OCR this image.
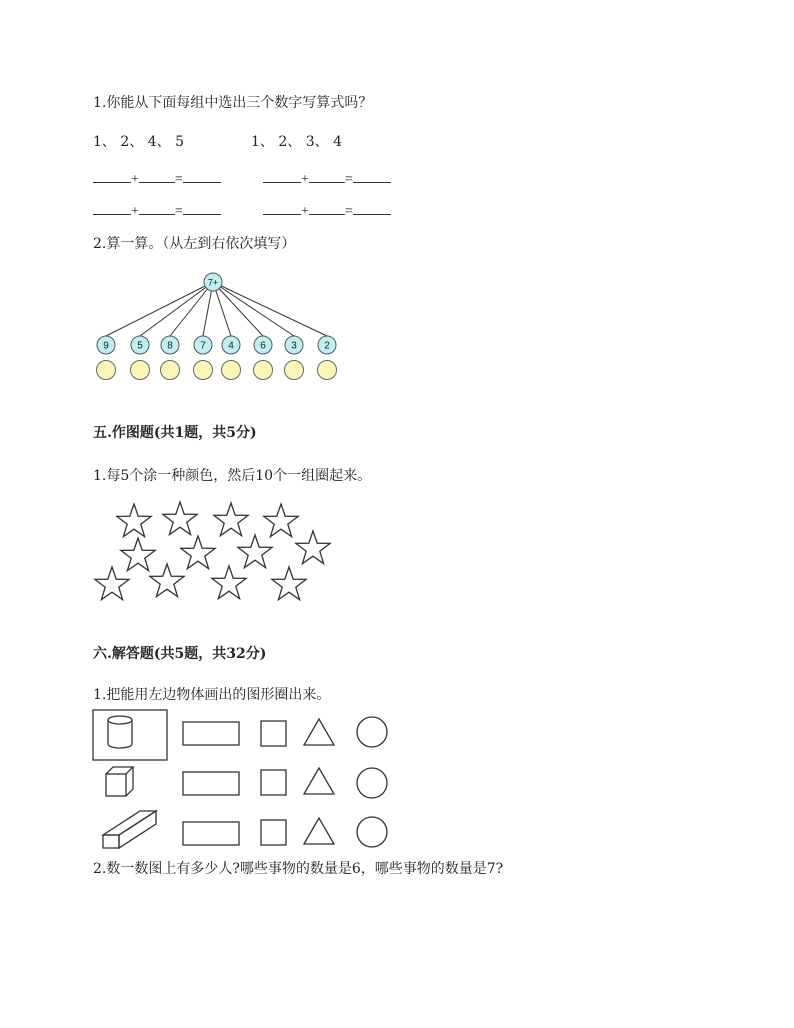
1.你能从下面每组中选出三个数字写算式吗？
1、 2、 4、 5	1、 2、 3、 4
+	=	+	=
+	=	+	=
2.算一算。（从左到右依次填写）
7+
9	5 8	7 4	6	3	2
五.作图题(共1题，共5分)
1.每5个涂一种颜色，然后10个一组圈起来。
六.解答题(共5题，共32分)
1.把能用左边物体画出的图形圈出来。
2.数一数图上有多少人?哪些事物的数量是6，哪些事物的数量是7?
